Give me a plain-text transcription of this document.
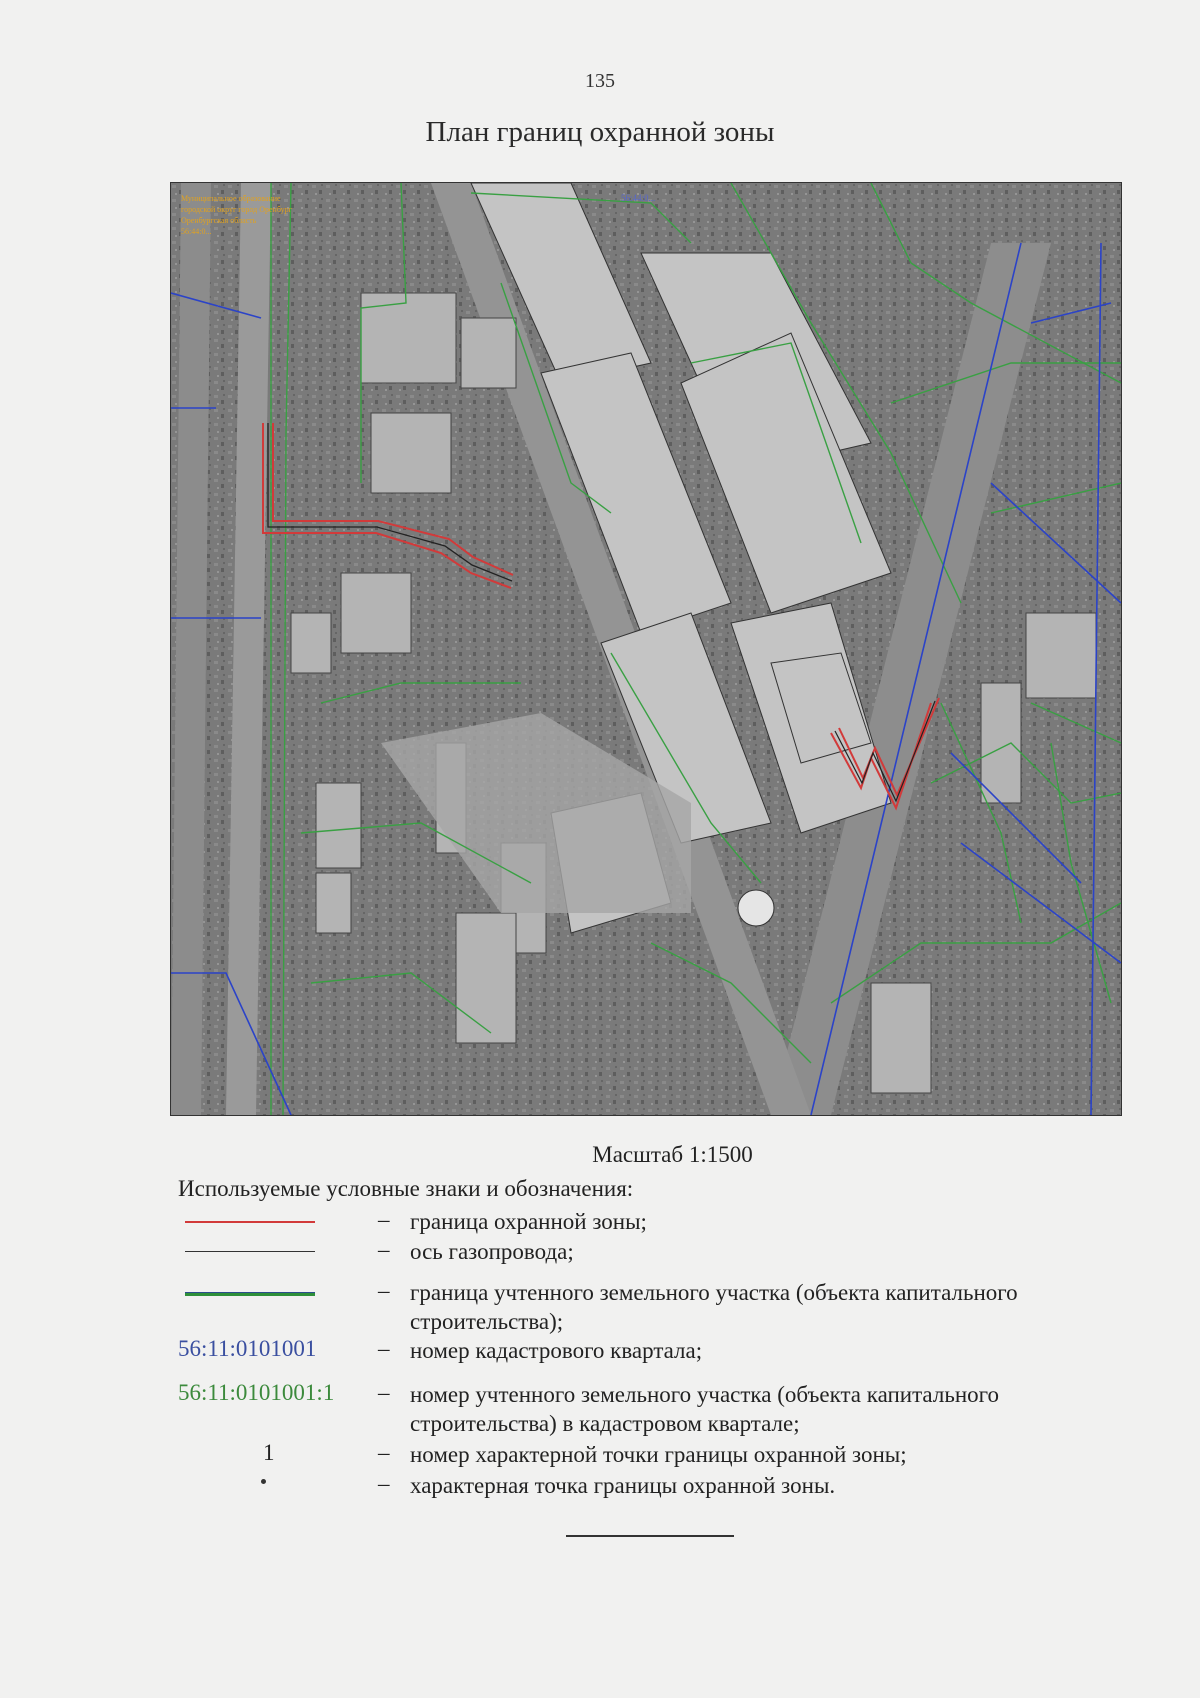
135
План границ охранной зоны
Муниципальное образование
городской округ город Оренбург
Оренбургская область
56:44:0...
56:44:0...
Масштаб 1:1500
Используемые условные знаки и обозначения:
– граница охранной зоны;
– ось газопровода;
– граница учтенного земельного участка (объекта капитального строительства);
56:11:0101001	– номер кадастрового квартала;
56:11:0101001:1 – номер учтенного земельного участка (объекта капитального строительства) в кадастровом квартале;
1	– номер характерной точки границы охранной зоны;
– характерная точка границы охранной зоны.
